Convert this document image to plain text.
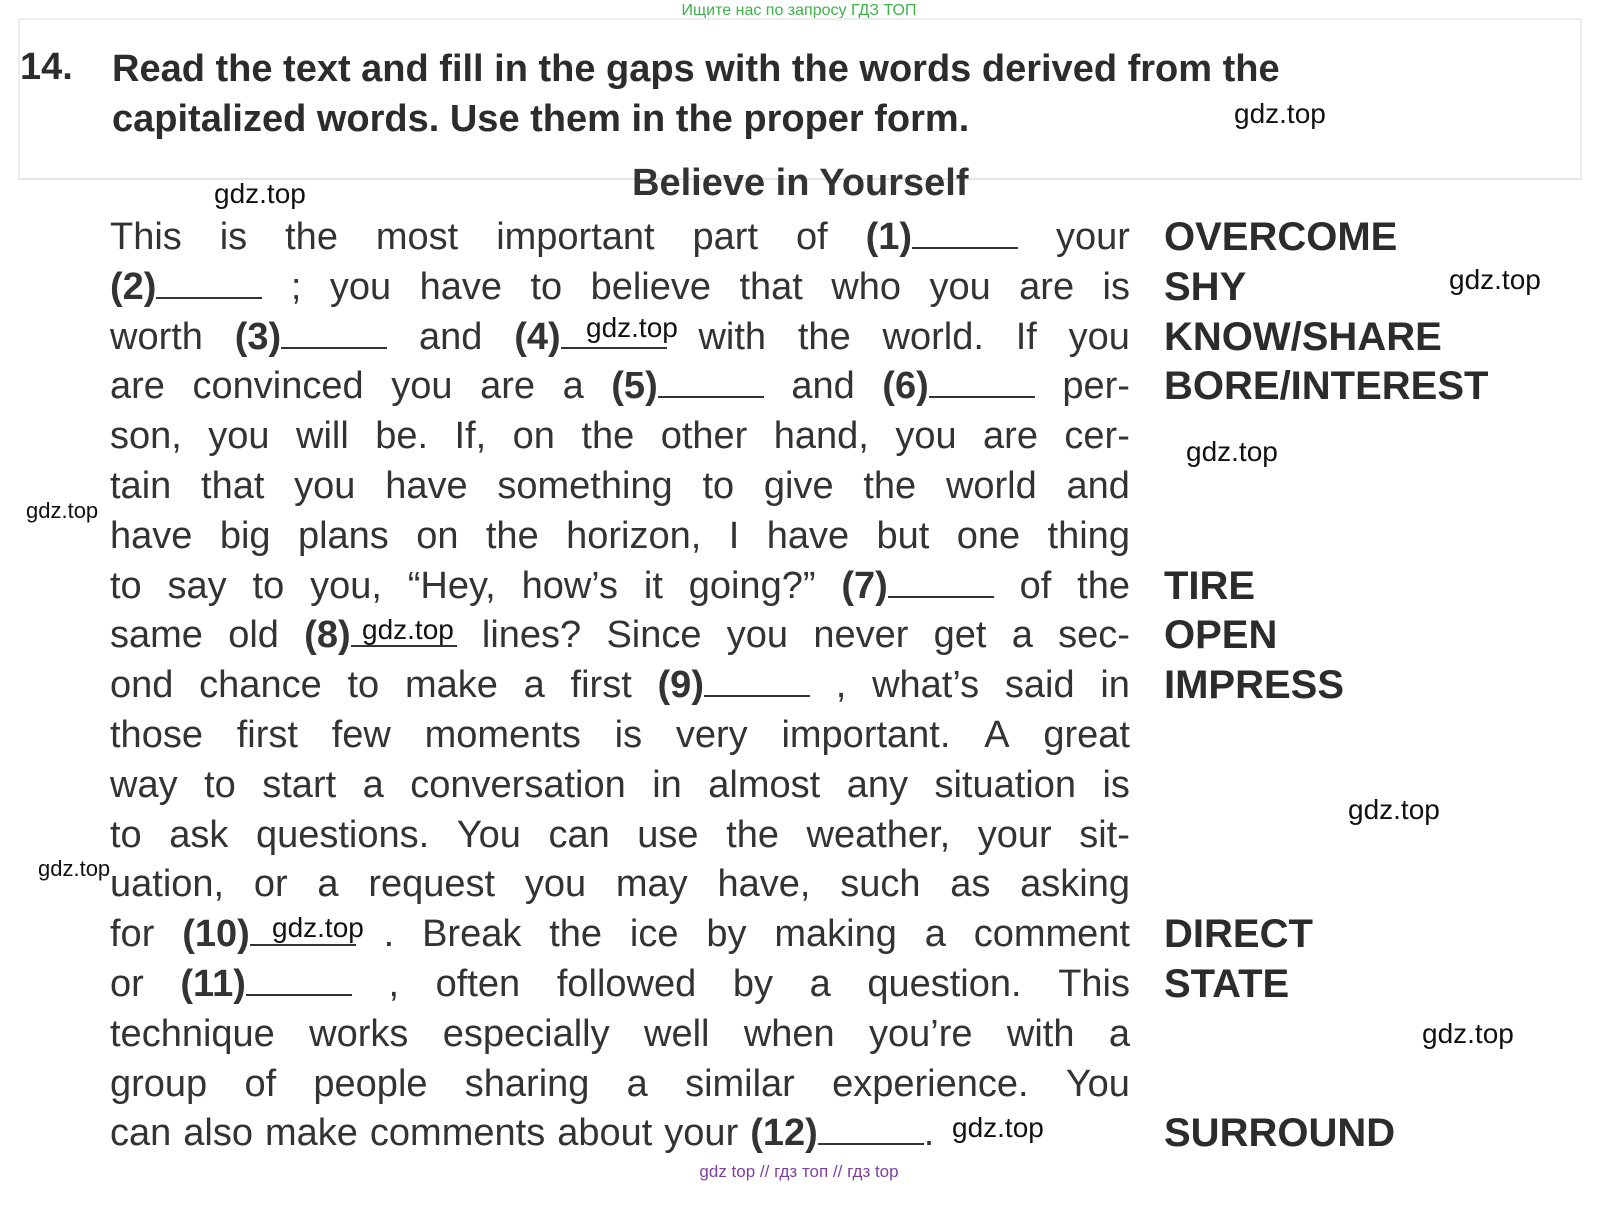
Ищите нас по запросу ГДЗ ТОП
14. Read the text and fill in the gaps with the words derived from the
capitalized words. Use them in the proper form.
Believe in Yourself
This is the most important part of (1)	your
(2)	; you have to believe that who you are is
worth (3)	and (4)	with the world. If you
are convinced you are a (5)	and (6)	per-
son, you will be. If, on the other hand, you are cer-
tain that you have something to give the world and
have big plans on the horizon, I have but one thing
to say to you, “Hey, how’s it going?” (7)	of the
same old (8)	lines? Since you never get a sec-
ond chance to make a first (9)	, what’s said in
those first few moments is very important. A great
way to start a conversation in almost any situation is
to ask questions. You can use the weather, your sit-
uation, or a request you may have, such as asking
for (10)	. Break the ice by making a comment
or (11)	, often followed by a question. This
technique works especially well when you’re with a
group of people sharing a similar experience. You
can also make comments about your (12)	.
OVERCOME
SHY
KNOW/SHARE
BORE/INTEREST
TIRE
OPEN
IMPRESS
DIRECT
STATE
SURROUND
gdz.top
gdz.top
gdz.top
gdz.top
gdz.top
gdz.top
gdz.top
gdz.top
gdz.top
gdz.top
gdz.top
gdz.top
gdz top // гдз топ // гдз top
